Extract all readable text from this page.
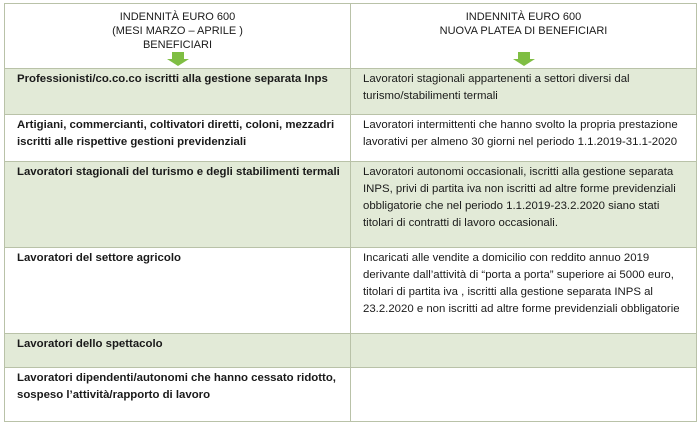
INDENNITÀ EURO 600
(MESI MARZO – APRILE )
BENEFICIARI	INDENNITÀ EURO 600
NUOVA PLATEA DI BENEFICIARI

Professionisti/co.co.co iscritti alla gestione separata Inps	Lavoratori stagionali appartenenti a settori diversi dal turismo/stabilimenti termali

Artigiani, commercianti, coltivatori diretti, coloni, mezzadri iscritti alle rispettive gestioni previdenziali	Lavoratori intermittenti che hanno svolto la propria prestazione lavorativi per almeno 30 giorni nel periodo 1.1.2019-31.1-2020

Lavoratori stagionali del turismo e degli stabilimenti termali	Lavoratori autonomi occasionali, iscritti alla gestione separata INPS, privi di partita iva non iscritti ad altre forme previdenziali obbligatorie che nel periodo 1.1.2019-23.2.2020 siano stati titolari di contratti di lavoro occasionali.

Lavoratori del settore agricolo	Incaricati alle vendite a domicilio con reddito annuo 2019 derivante dall’attività di “porta a porta” superiore ai 5000 euro, titolari di partita iva , iscritti alla gestione separata INPS al 23.2.2020 e non iscritti ad altre forme previdenziali obbligatorie

Lavoratori dello spettacolo	

Lavoratori dipendenti/autonomi che hanno cessato ridotto, sospeso l’attività/rapporto di lavoro	
